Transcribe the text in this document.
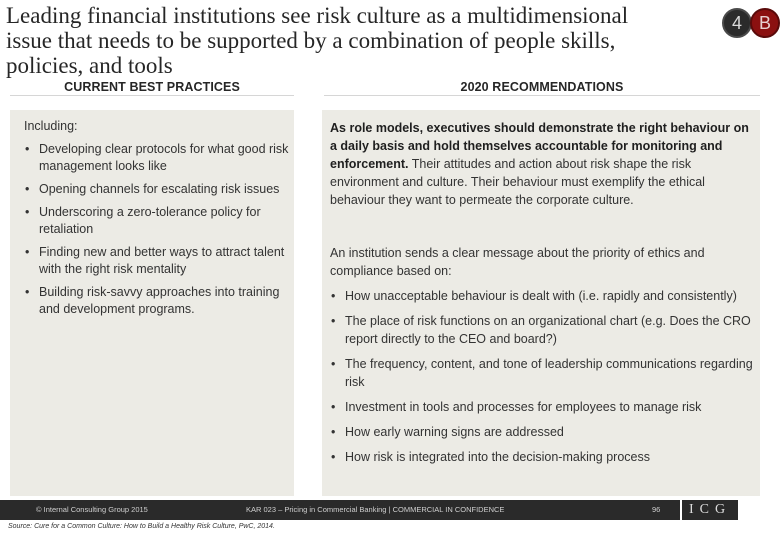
Leading financial institutions see risk culture as a multidimensional issue that needs to be supported by a combination of people skills, policies, and tools
4 B
CURRENT BEST PRACTICES	2020 RECOMMENDATIONS
Including:
• Developing clear protocols for what good risk management looks like
• Opening channels for escalating risk issues
• Underscoring a zero-tolerance policy for retaliation
• Finding new and better ways to attract talent with the right risk mentality
• Building risk-savvy approaches into training and development programs.
As role models, executives should demonstrate the right behaviour on a daily basis and hold themselves accountable for monitoring and enforcement. Their attitudes and action about risk shape the risk environment and culture. Their behaviour must exemplify the ethical behaviour they want to permeate the corporate culture.
An institution sends a clear message about the priority of ethics and compliance based on:
• How unacceptable behaviour is dealt with (i.e. rapidly and consistently)
• The place of risk functions on an organizational chart (e.g. Does the CRO report directly to the CEO and board?)
• The frequency, content, and tone of leadership communications regarding risk
• Investment in tools and processes for employees to manage risk
• How early warning signs are addressed
• How risk is integrated into the decision-making process
© Internal Consulting Group 2015	KAR 023 – Pricing in Commercial Banking | COMMERCIAL IN CONFIDENCE	96	ICG
Source: Cure for a Common Culture: How to Build a Healthy Risk Culture, PwC, 2014.
